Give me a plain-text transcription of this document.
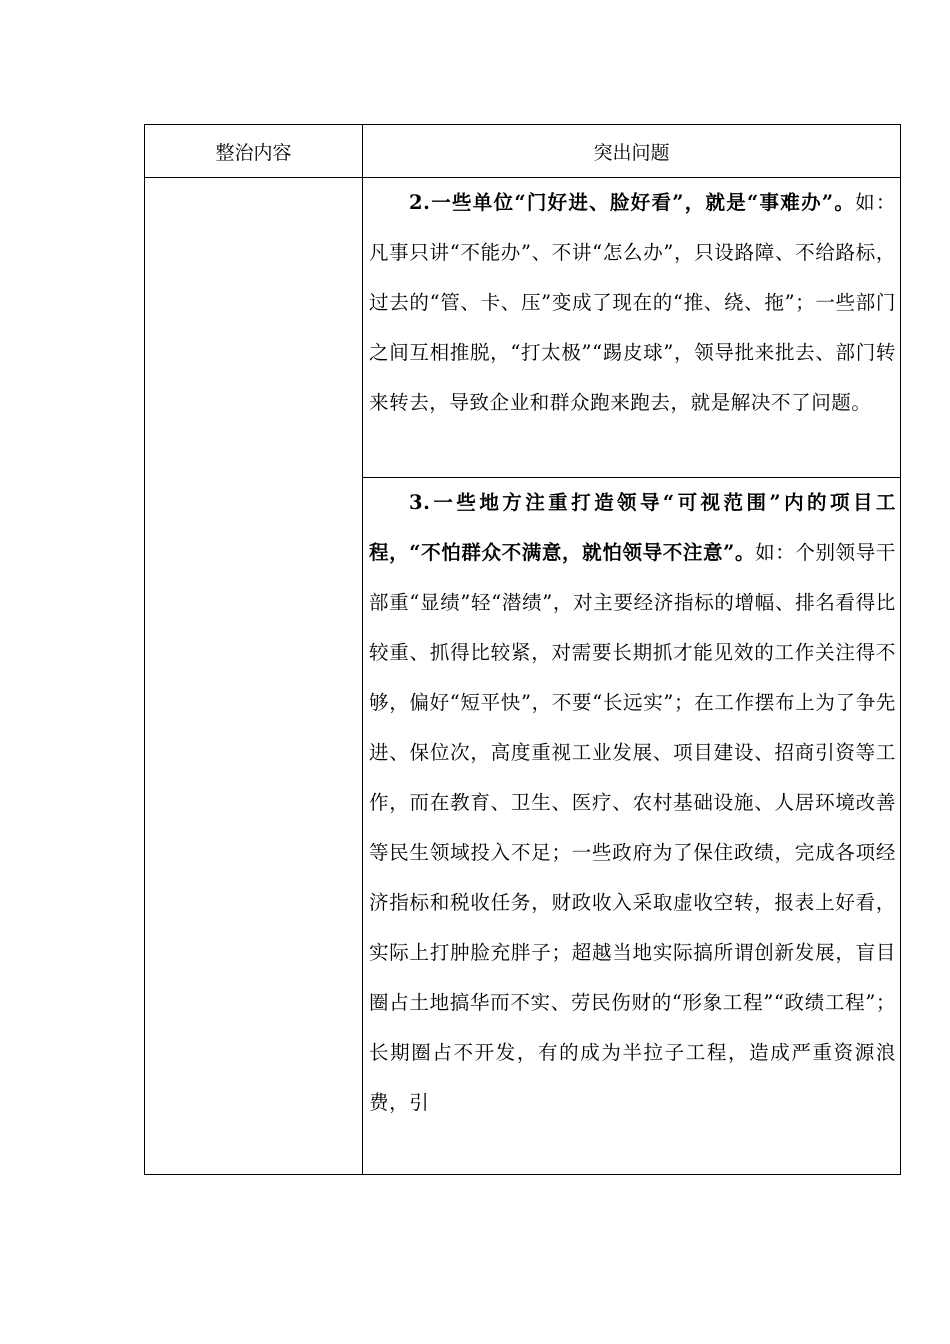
整治内容	突出问题

	2.一些单位“门好进、脸好看”，就是“事难办”。如：凡事只讲“不能办”、不讲“怎么办”，只设路障、不给路标，过去的“管、卡、压”变成了现在的“推、绕、拖”；一些部门之间互相推脱，“打太极”“踢皮球”，领导批来批去、部门转来转去，导致企业和群众跑来跑去，就是解决不了问题。

	3.一些地方注重打造领导“可视范围”内的项目工程，“不怕群众不满意，就怕领导不注意”。如：个别领导干部重“显绩”轻“潜绩”，对主要经济指标的增幅、排名看得比较重、抓得比较紧，对需要长期抓才能见效的工作关注得不够，偏好“短平快”，不要“长远实”；在工作摆布上为了争先进、保位次，高度重视工业发展、项目建设、招商引资等工作，而在教育、卫生、医疗、农村基础设施、人居环境改善等民生领域投入不足；一些政府为了保住政绩，完成各项经济指标和税收任务，财政收入采取虚收空转，报表上好看，实际上打肿脸充胖子；超越当地实际搞所谓创新发展，盲目圈占土地搞华而不实、劳民伤财的“形象工程”“政绩工程”；长期圈占不开发，有的成为半拉子工程，造成严重资源浪费，引
